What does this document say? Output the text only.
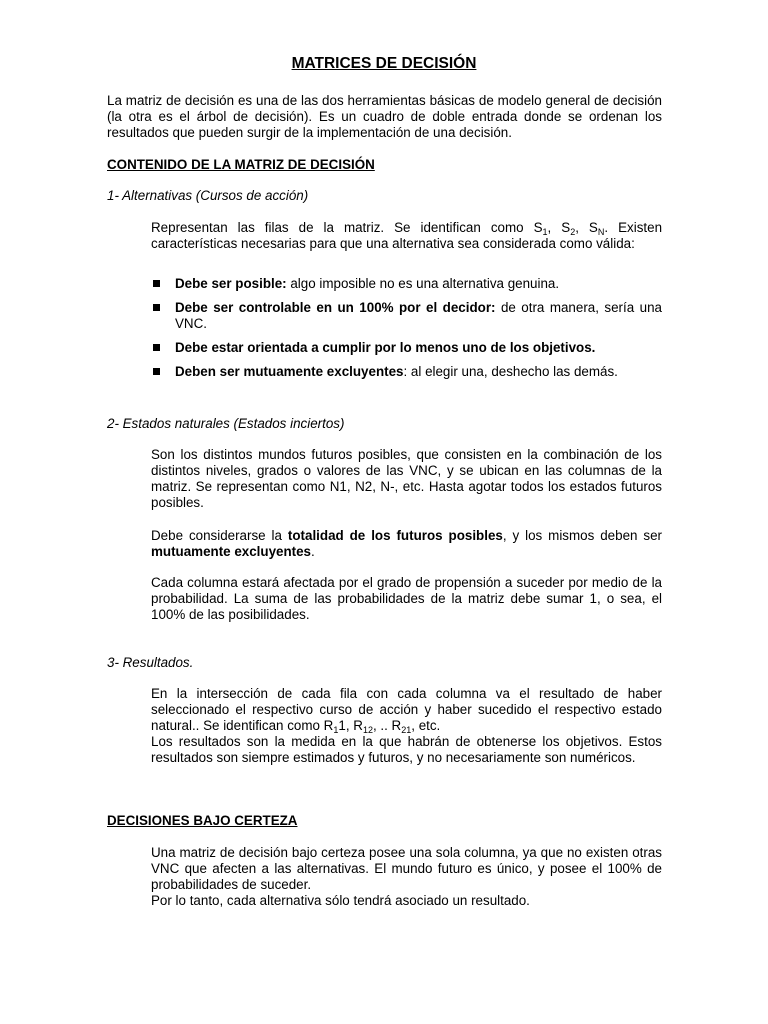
MATRICES DE DECISIÓN
La matriz de decisión es una de las dos herramientas básicas de modelo general de decisión (la otra es el árbol de decisión). Es un cuadro de doble entrada donde se ordenan los resultados que pueden surgir de la implementación de una decisión.
CONTENIDO DE LA MATRIZ DE DECISIÓN
1- Alternativas (Cursos de acción)
Representan las filas de la matriz. Se identifican como $S_1$, $S_2$, $S_N$. Existen características necesarias para que una alternativa sea considerada como válida:
Debe ser posible: algo imposible no es una alternativa genuina.
Debe ser controlable en un 100% por el decidor: de otra manera, sería una VNC.
Debe estar orientada a cumplir por lo menos uno de los objetivos.
Deben ser mutuamente excluyentes: al elegir una, deshecho las demás.
2- Estados naturales (Estados inciertos)
Son los distintos mundos futuros posibles, que consisten en la combinación de los distintos niveles, grados o valores de las VNC, y se ubican en las columnas de la matriz. Se representan como N1, N2, N-, etc. Hasta agotar todos los estados futuros posibles.
Debe considerarse la totalidad de los futuros posibles, y los mismos deben ser mutuamente excluyentes.
Cada columna estará afectada por el grado de propensión a suceder por medio de la probabilidad. La suma de las probabilidades de la matriz debe sumar 1, o sea, el 100% de las posibilidades.
3- Resultados.
En la intersección de cada fila con cada columna va el resultado de haber seleccionado el respectivo curso de acción y haber sucedido el respectivo estado natural.. Se identifican como $R_11$, $R_{12}$, .. $R_{21}$, etc.
Los resultados son la medida en la que habrán de obtenerse los objetivos. Estos resultados son siempre estimados y futuros, y no necesariamente son numéricos.
DECISIONES BAJO CERTEZA
Una matriz de decisión bajo certeza posee una sola columna, ya que no existen otras VNC que afecten a las alternativas. El mundo futuro es único, y posee el 100% de probabilidades de suceder.
Por lo tanto, cada alternativa sólo tendrá asociado un resultado.
